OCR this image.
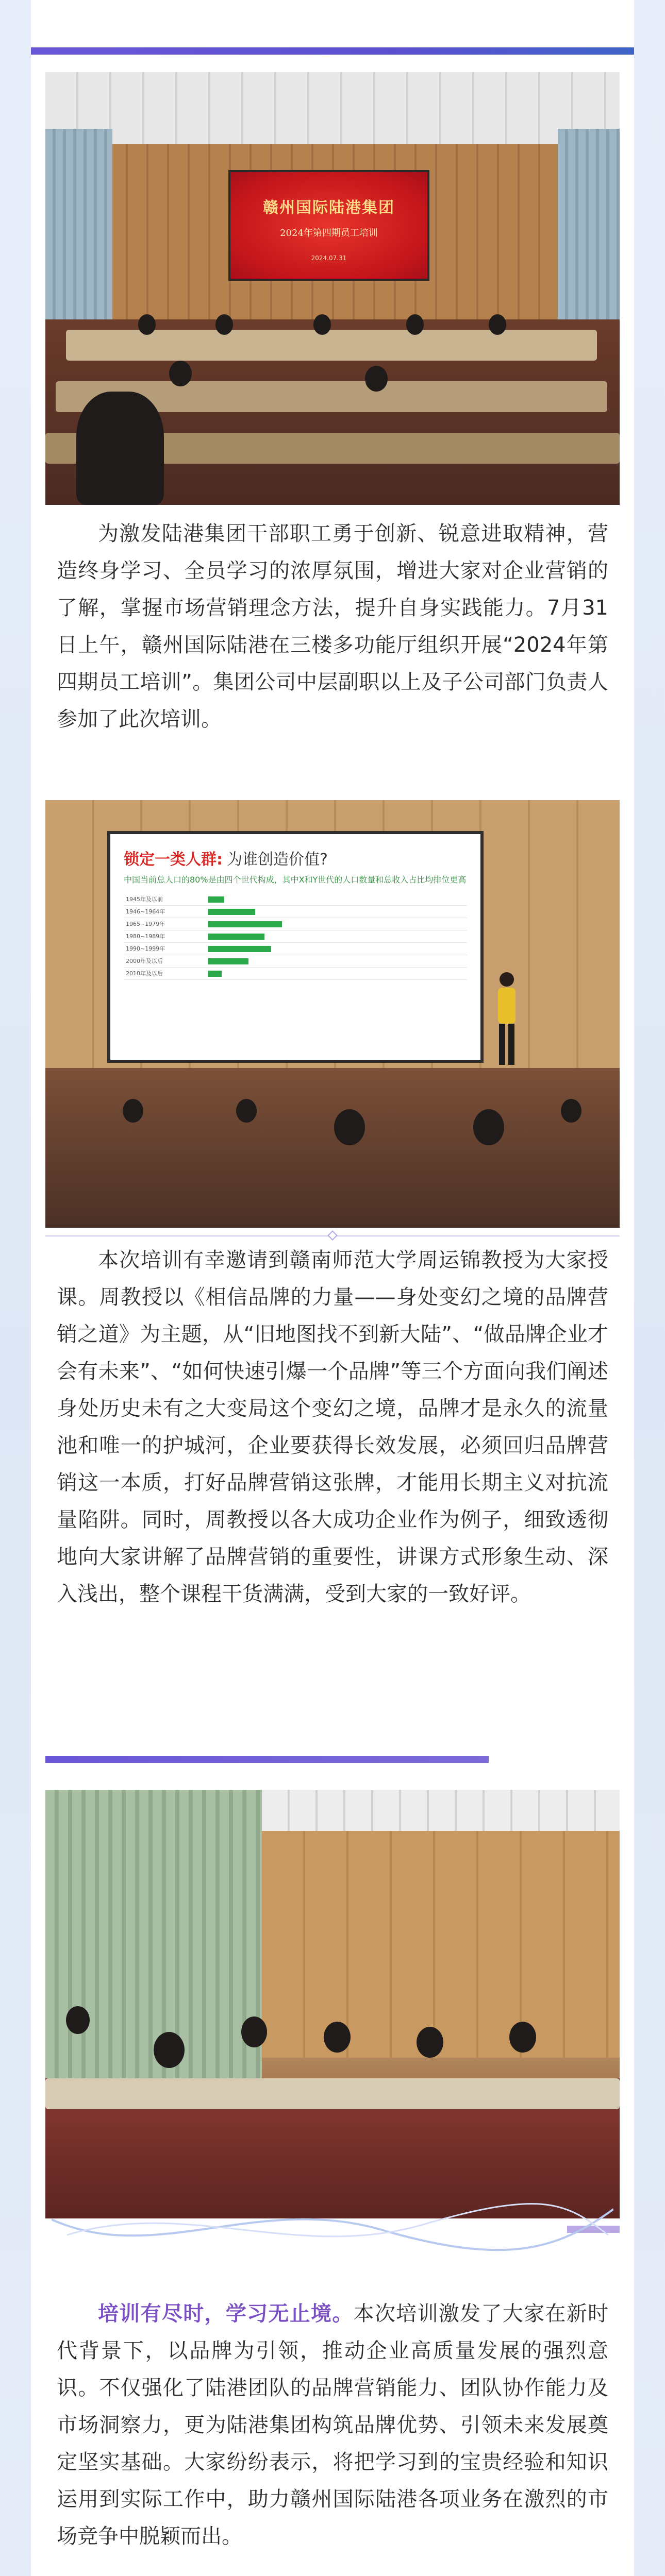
赣州国际陆港集团
2024年第四期员工培训
2024.07.31
为激发陆港集团干部职工勇于创新、锐意进取精神，营造终身学习、全员学习的浓厚氛围，增进大家对企业营销的了解，掌握市场营销理念方法，提升自身实践能力。7月31日上午，赣州国际陆港在三楼多功能厅组织开展“2024年第四期员工培训”。集团公司中层副职以上及子公司部门负责人参加了此次培训。
锁定一类人群: 为谁创造价值?
中国当前总人口的80%是由四个世代构成，其中X和Y世代的人口数量和总收入占比均排位更高
1945年及以前	
1946~1964年	
1965~1979年	
1980~1989年	
1990~1999年	
2000年及以后	
2010年及以后	
本次培训有幸邀请到赣南师范大学周运锦教授为大家授课。周教授以《相信品牌的力量——身处变幻之境的品牌营销之道》为主题，从“旧地图找不到新大陆”、“做品牌企业才会有未来”、“如何快速引爆一个品牌”等三个方面向我们阐述身处历史未有之大变局这个变幻之境，品牌才是永久的流量池和唯一的护城河，企业要获得长效发展，必须回归品牌营销这一本质，打好品牌营销这张牌，才能用长期主义对抗流量陷阱。同时，周教授以各大成功企业作为例子，细致透彻地向大家讲解了品牌营销的重要性，讲课方式形象生动、深入浅出，整个课程干货满满，受到大家的一致好评。
培训有尽时，学习无止境。本次培训激发了大家在新时代背景下，以品牌为引领，推动企业高质量发展的强烈意识。不仅强化了陆港团队的品牌营销能力、团队协作能力及市场洞察力，更为陆港集团构筑品牌优势、引领未来发展奠定坚实基础。大家纷纷表示，将把学习到的宝贵经验和知识运用到实际工作中，助力赣州国际陆港各项业务在激烈的市场竞争中脱颖而出。
